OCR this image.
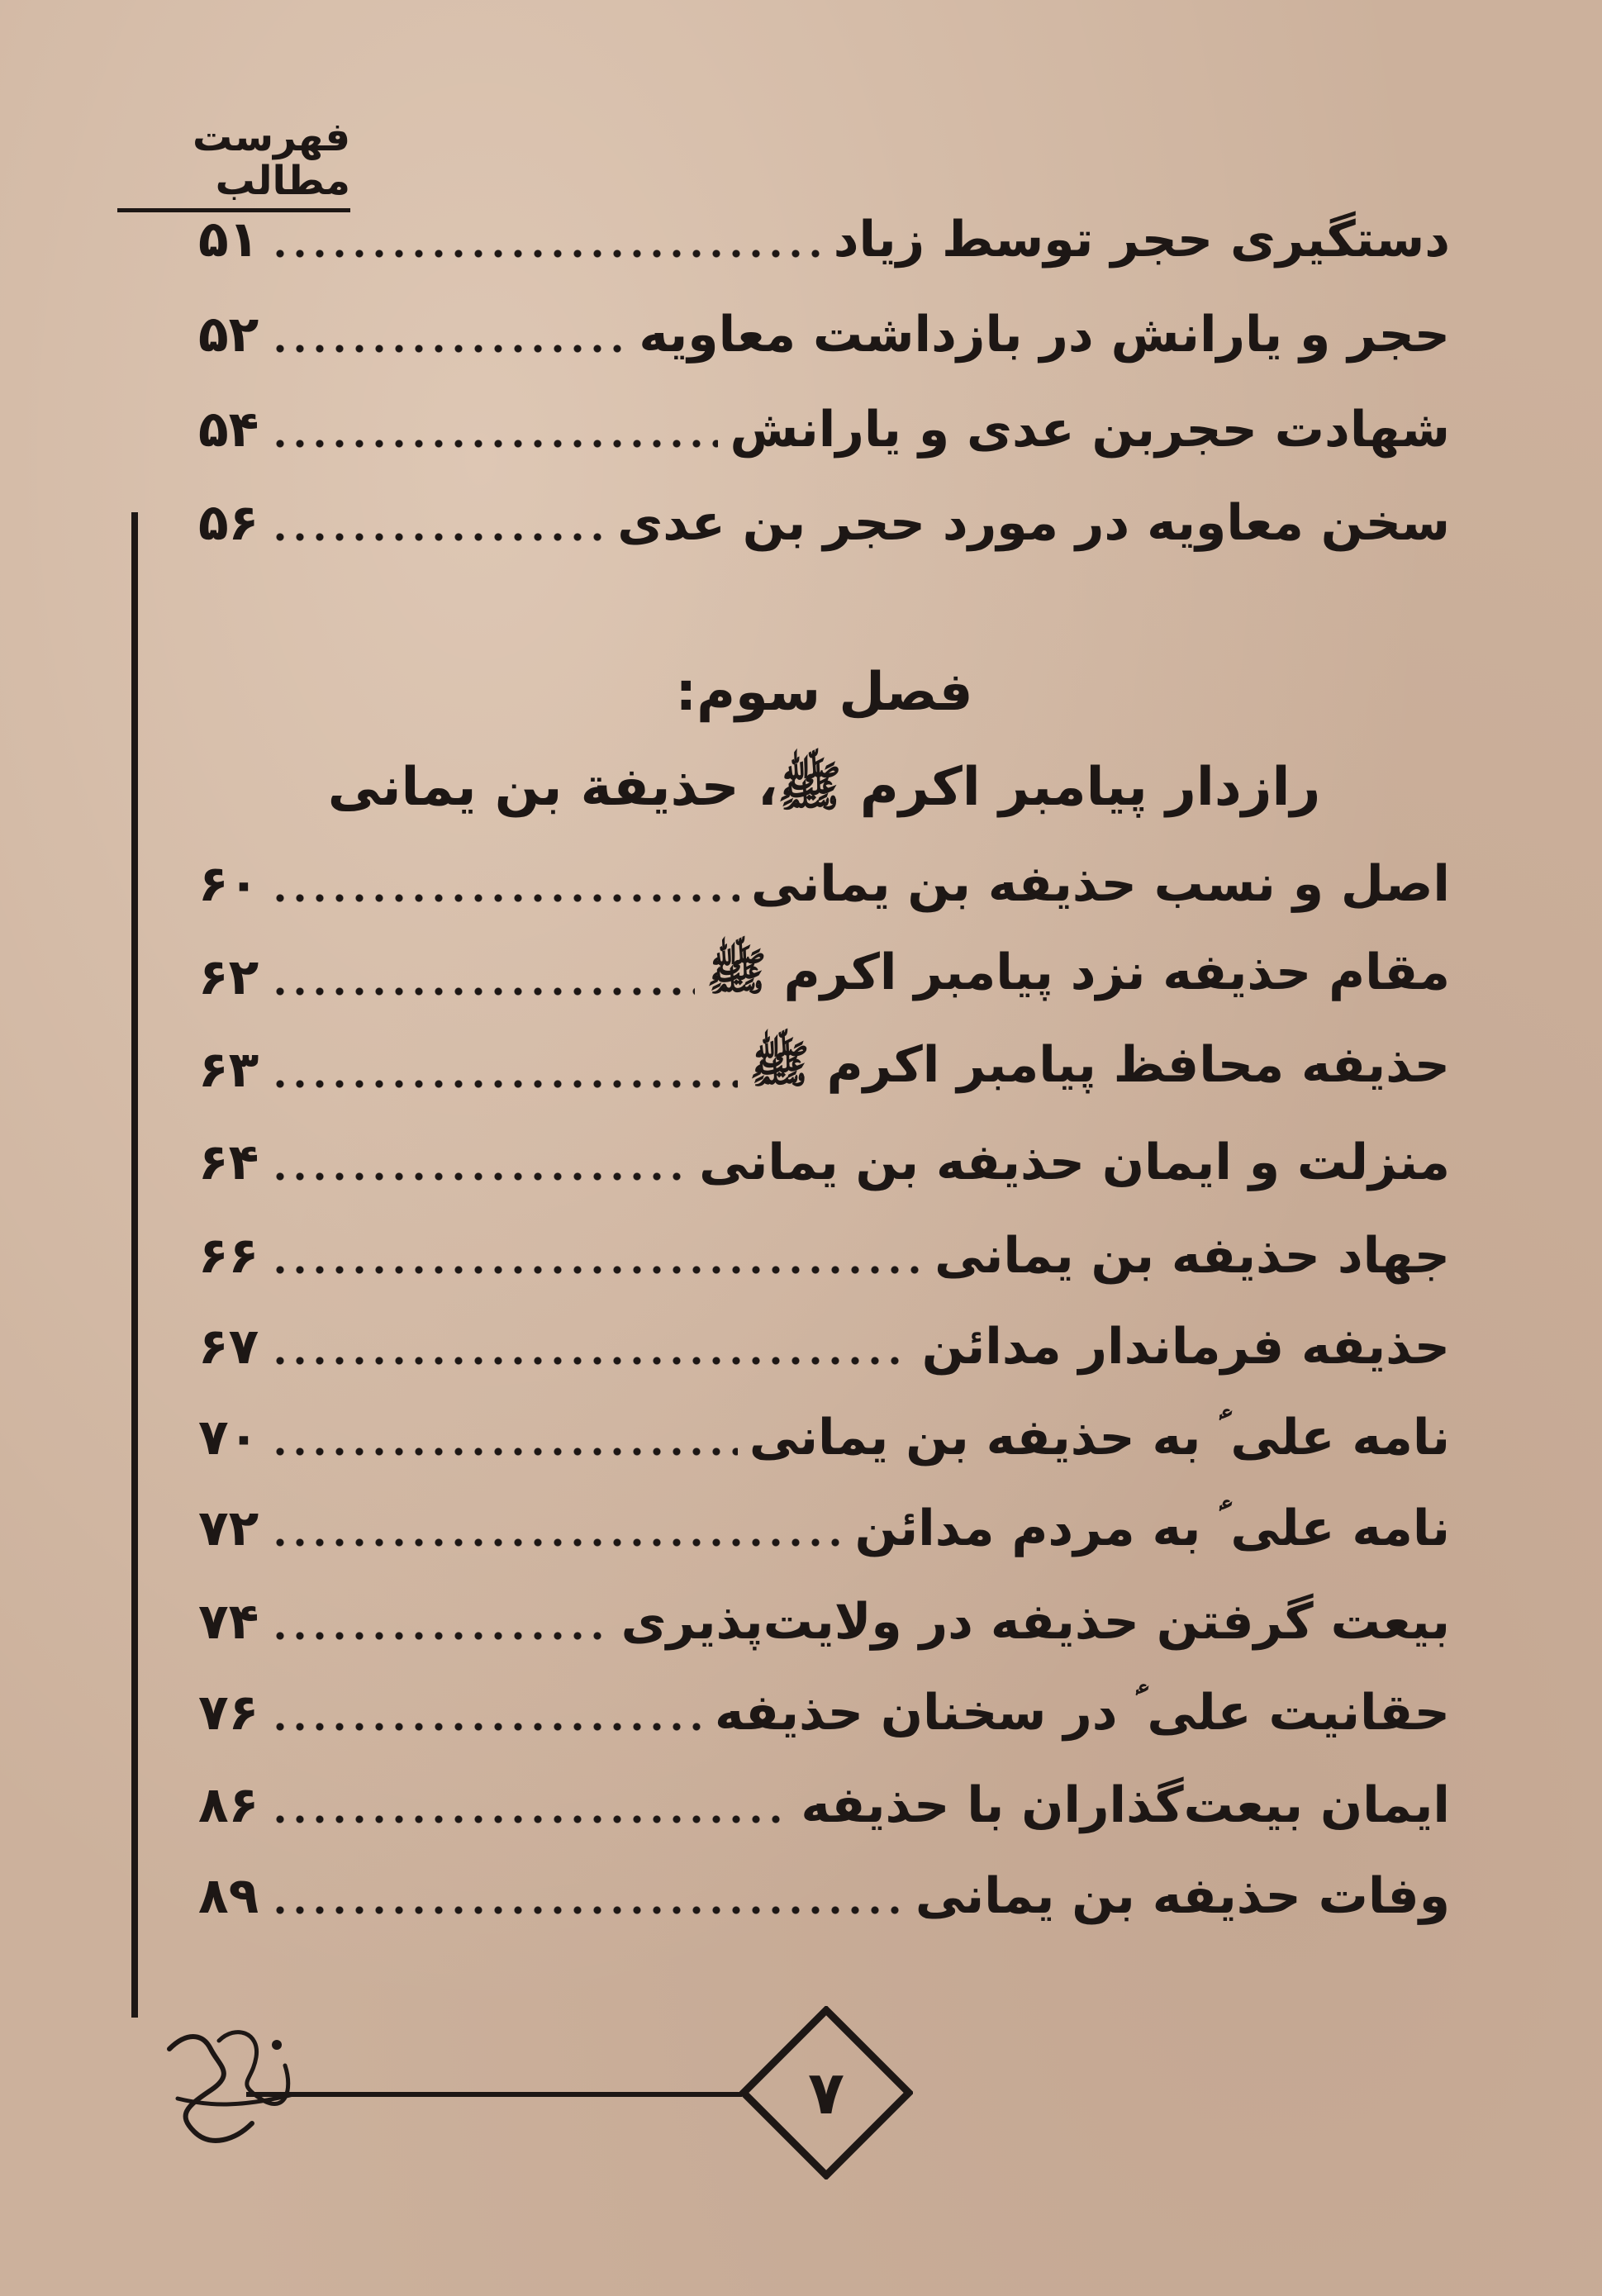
فهرست مطالب
دستگیری حجر توسط زیاد
۵۱
حجر و یارانش در بازداشت معاویه
۵۲
شهادت حجربن عدی و یارانش
۵۴
سخن معاویه در مورد حجر بن عدی
۵۶
فصل سوم:
رازدار پیامبر اکرم ﷺ، حذیفة بن یمانی
اصل و نسب حذیفه بن یمانی
۶۰
مقام حذیفه نزد پیامبر اکرم ﷺ
۶۲
حذیفه محافظ پیامبر اکرم ﷺ
۶۳
منزلت و ایمان حذیفه بن یمانی
۶۴
جهاد حذیفه بن یمانی
۶۶
حذیفه فرماندار مدائن
۶۷
نامه علی ؑ به حذیفه بن یمانی
۷۰
نامه علی ؑ به مردم مدائن
۷۲
بیعت گرفتن حذیفه در ولایت‌پذیری
۷۴
حقانیت علی ؑ در سخنان حذیفه
۷۶
ایمان بیعت‌گذاران با حذیفه
۸۶
وفات حذیفه بن یمانی
۸۹
۷
